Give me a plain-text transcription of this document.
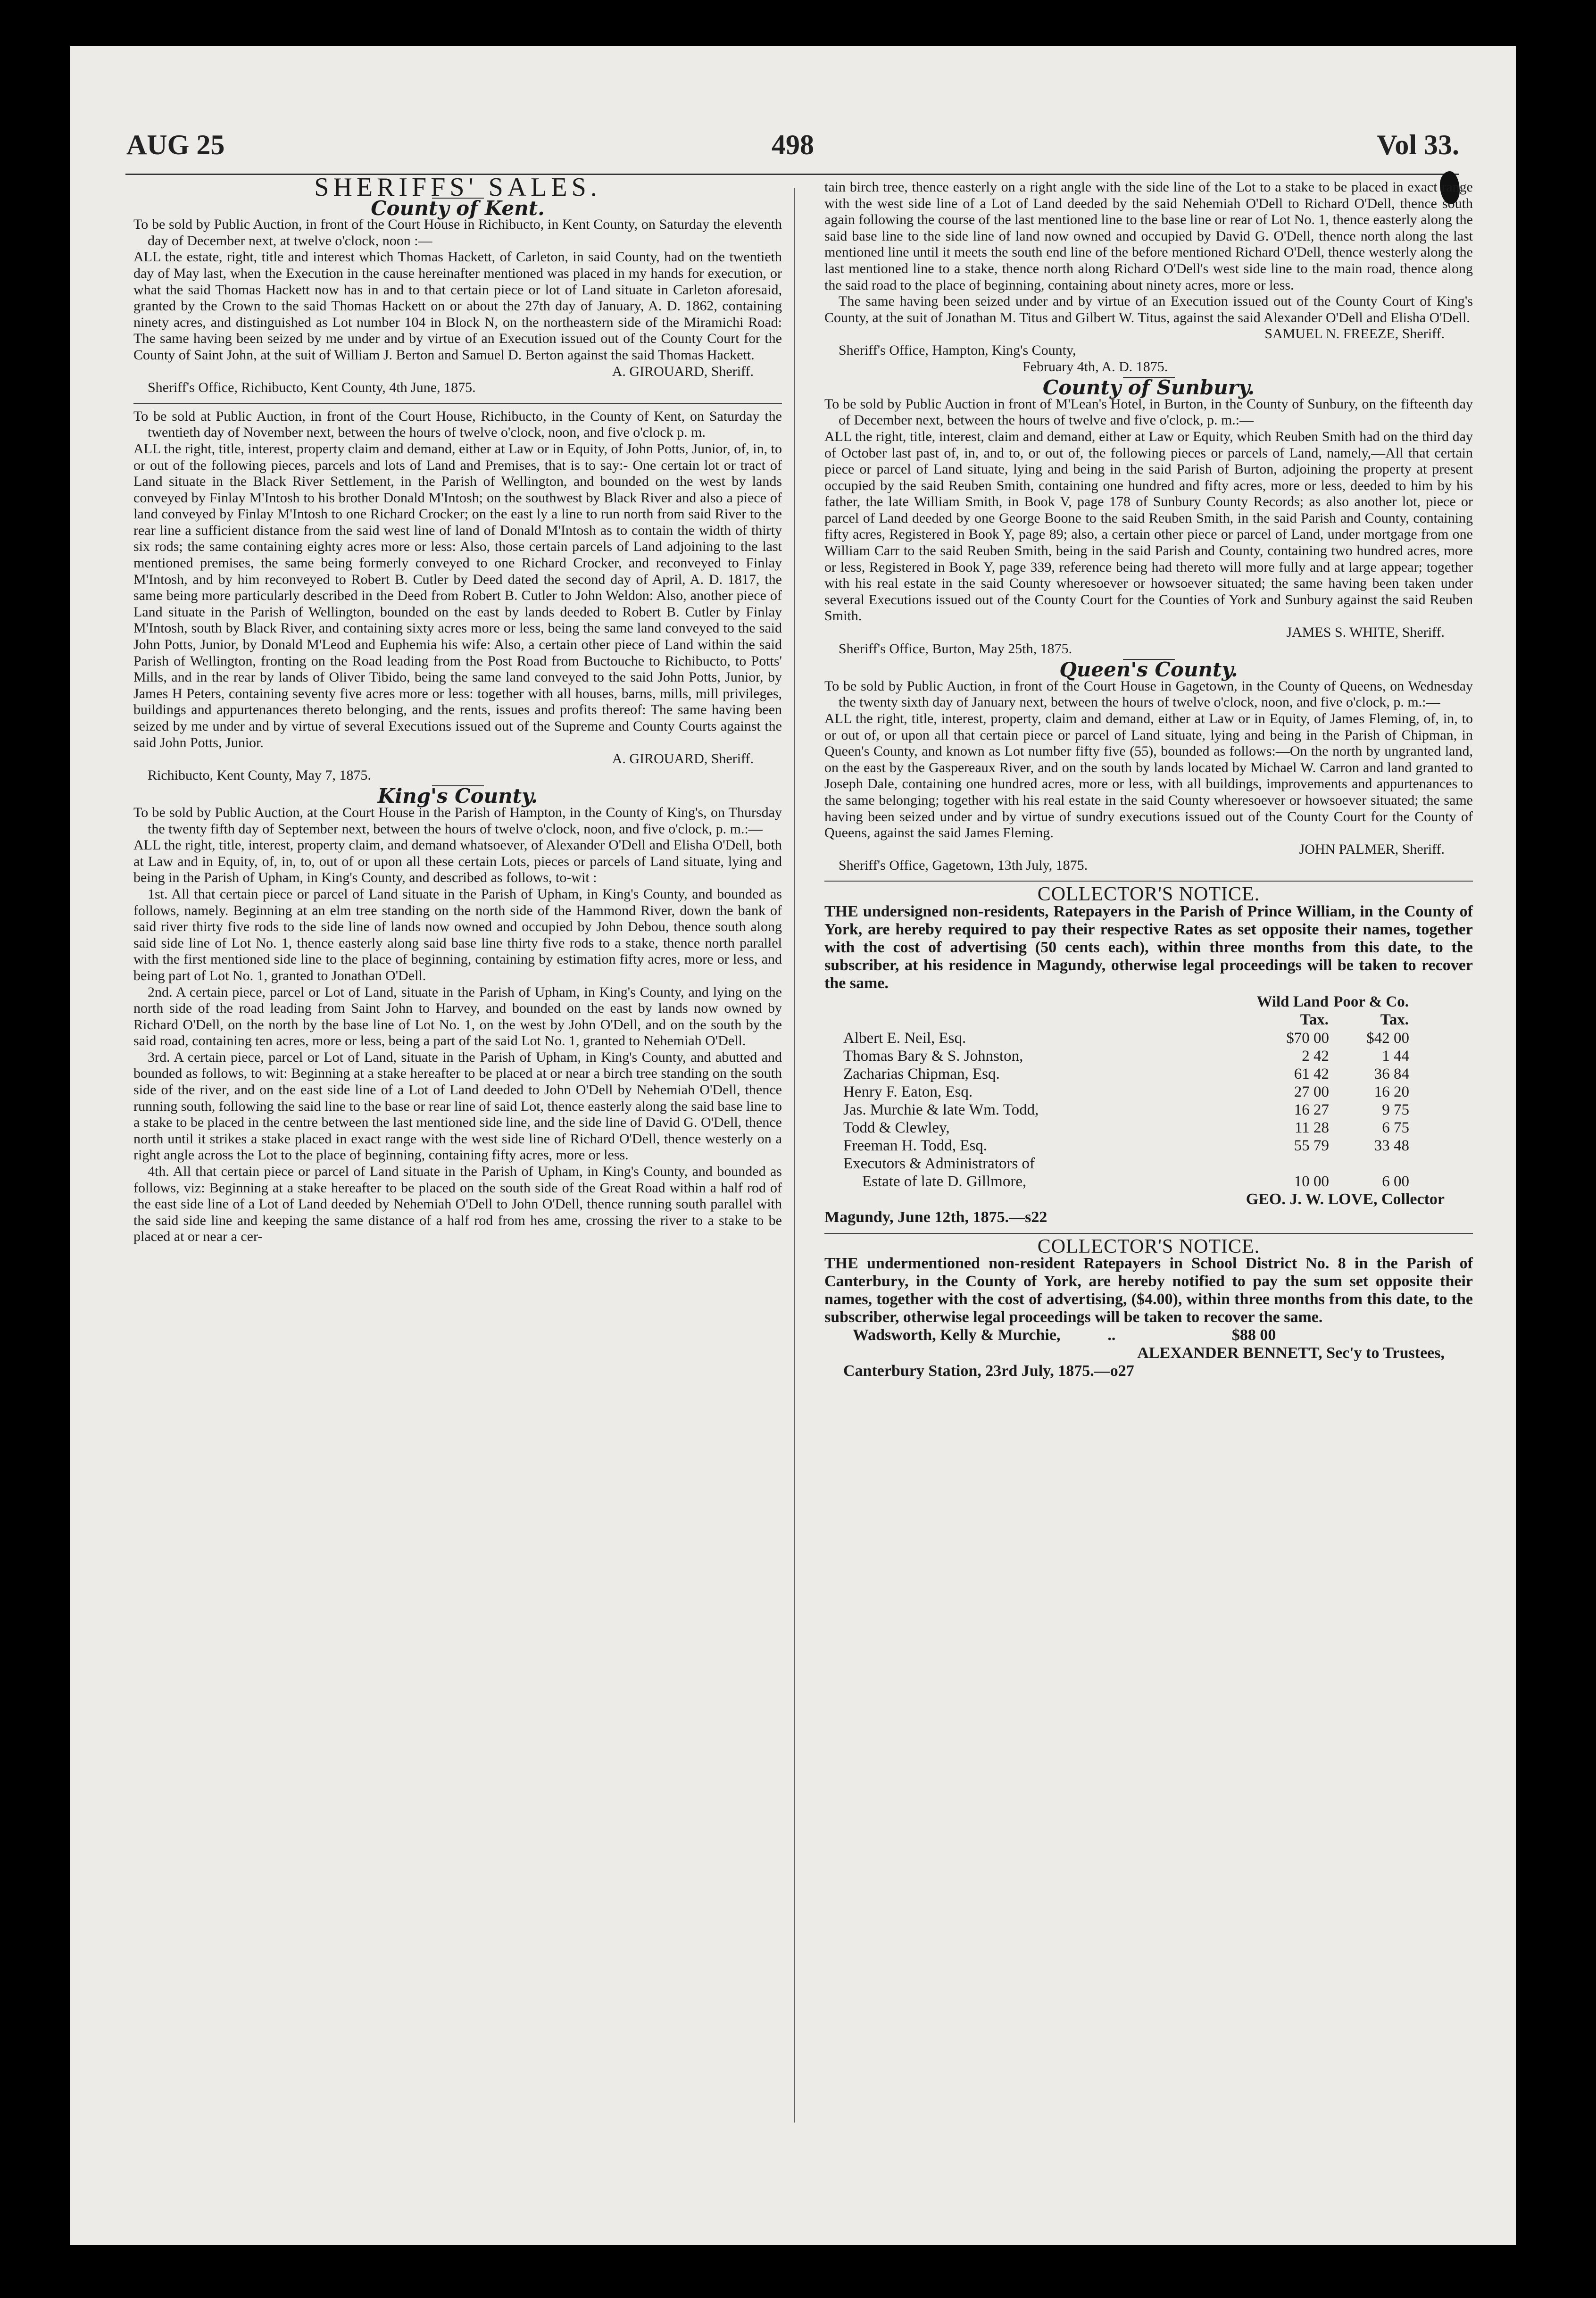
AUG 25	498	Vol 33.

SHERIFFS' SALES.

County of Kent.

To be sold by Public Auction, in front of the Court House in Richibucto, in Kent County, on Saturday the eleventh day of December next, at twelve o'clock, noon :—

ALL the estate, right, title and interest which Thomas Hackett, of Carleton, in said County, had on the twentieth day of May last, when the Execution in the cause hereinafter mentioned was placed in my hands for execution, or what the said Thomas Hackett now has in and to that certain piece or lot of Land situate in Carleton aforesaid, granted by the Crown to the said Thomas Hackett on or about the 27th day of January, A. D. 1862, containing ninety acres, and distinguished as Lot number 104 in Block N, on the northeastern side of the Miramichi Road: The same having been seized by me under and by virtue of an Execution issued out of the County Court for the County of Saint John, at the suit of William J. Berton and Samuel D. Berton against the said Thomas Hackett.

A. GIROUARD, Sheriff.

Sheriff's Office, Richibucto, Kent County, 4th June, 1875.

To be sold at Public Auction, in front of the Court House, Richibucto, in the County of Kent, on Saturday the twentieth day of November next, between the hours of twelve o'clock, noon, and five o'clock p. m.

ALL the right, title, interest, property claim and demand, either at Law or in Equity, of John Potts, Junior, of, in, to or out of the following pieces, parcels and lots of Land and Premises, that is to say:- One certain lot or tract of Land situate in the Black River Settlement, in the Parish of Wellington, and bounded on the west by lands conveyed by Finlay M'Intosh to his brother Donald M'Intosh; on the southwest by Black River and also a piece of land conveyed by Finlay M'Intosh to one Richard Crocker; on the east ly a line to run north from said River to the rear line a sufficient distance from the said west line of land of Donald M'Intosh as to contain the width of thirty six rods; the same containing eighty acres more or less: Also, those certain parcels of Land adjoining to the last mentioned premises, the same being formerly conveyed to one Richard Crocker, and reconveyed to Finlay M'Intosh, and by him reconveyed to Robert B. Cutler by Deed dated the second day of April, A. D. 1817, the same being more particularly described in the Deed from Robert B. Cutler to John Weldon: Also, another piece of Land situate in the Parish of Wellington, bounded on the east by lands deeded to Robert B. Cutler by Finlay M'Intosh, south by Black River, and containing sixty acres more or less, being the same land conveyed to the said John Potts, Junior, by Donald M'Leod and Euphemia his wife: Also, a certain other piece of Land within the said Parish of Wellington, fronting on the Road leading from the Post Road from Buctouche to Richibucto, to Potts' Mills, and in the rear by lands of Oliver Tibido, being the same land conveyed to the said John Potts, Junior, by James H Peters, containing seventy five acres more or less: together with all houses, barns, mills, mill privileges, buildings and appurtenances thereto belonging, and the rents, issues and profits thereof: The same having been seized by me under and by virtue of several Executions issued out of the Supreme and County Courts against the said John Potts, Junior.

A. GIROUARD, Sheriff.

Richibucto, Kent County, May 7, 1875.

King's County.

To be sold by Public Auction, at the Court House in the Parish of Hampton, in the County of King's, on Thursday the twenty fifth day of September next, between the hours of twelve o'clock, noon, and five o'clock, p. m.:—

ALL the right, title, interest, property claim, and demand whatsoever, of Alexander O'Dell and Elisha O'Dell, both at Law and in Equity, of, in, to, out of or upon all these certain Lots, pieces or parcels of Land situate, lying and being in the Parish of Upham, in King's County, and described as follows, to-wit :

1st. All that certain piece or parcel of Land situate in the Parish of Upham, in King's County, and bounded as follows, namely. Beginning at an elm tree standing on the north side of the Hammond River, down the bank of said river thirty five rods to the side line of lands now owned and occupied by John Debou, thence south along said side line of Lot No. 1, thence easterly along said base line thirty five rods to a stake, thence north parallel with the first mentioned side line to the place of beginning, containing by estimation fifty acres, more or less, and being part of Lot No. 1, granted to Jonathan O'Dell.

2nd. A certain piece, parcel or Lot of Land, situate in the Parish of Upham, in King's County, and lying on the north side of the road leading from Saint John to Harvey, and bounded on the east by lands now owned by Richard O'Dell, on the north by the base line of Lot No. 1, on the west by John O'Dell, and on the south by the said road, containing ten acres, more or less, being a part of the said Lot No. 1, granted to Nehemiah O'Dell.

3rd. A certain piece, parcel or Lot of Land, situate in the Parish of Upham, in King's County, and abutted and bounded as follows, to wit: Beginning at a stake hereafter to be placed at or near a birch tree standing on the south side of the river, and on the east side line of a Lot of Land deeded to John O'Dell by Nehemiah O'Dell, thence running south, following the said line to the base or rear line of said Lot, thence easterly along the said base line to a stake to be placed in the centre between the last mentioned side line, and the side line of David G. O'Dell, thence north until it strikes a stake placed in exact range with the west side line of Richard O'Dell, thence westerly on a right angle across the Lot to the place of beginning, containing fifty acres, more or less.

4th. All that certain piece or parcel of Land situate in the Parish of Upham, in King's County, and bounded as follows, viz: Beginning at a stake hereafter to be placed on the south side of the Great Road within a half rod of the east side line of a Lot of Land deeded by Nehemiah O'Dell to John O'Dell, thence running south parallel with the said side line and keeping the same distance of a half rod from hes ame, crossing the river to a stake to be placed at or near a cer-

tain birch tree, thence easterly on a right angle with the side line of the Lot to a stake to be placed in exact range with the west side line of a Lot of Land deeded by the said Nehemiah O'Dell to Richard O'Dell, thence south again following the course of the last mentioned line to the base line or rear of Lot No. 1, thence easterly along the said base line to the side line of land now owned and occupied by David G. O'Dell, thence north along the last mentioned line until it meets the south end line of the before mentioned Richard O'Dell, thence westerly along the last mentioned line to a stake, thence north along Richard O'Dell's west side line to the main road, thence along the said road to the place of beginning, containing about ninety acres, more or less.

The same having been seized under and by virtue of an Execution issued out of the County Court of King's County, at the suit of Jonathan M. Titus and Gilbert W. Titus, against the said Alexander O'Dell and Elisha O'Dell.

SAMUEL N. FREEZE, Sheriff.

Sheriff's Office, Hampton, King's County,

February 4th, A. D. 1875.

County of Sunbury.

To be sold by Public Auction in front of M'Lean's Hotel, in Burton, in the County of Sunbury, on the fifteenth day of December next, between the hours of twelve and five o'clock, p. m.:—

ALL the right, title, interest, claim and demand, either at Law or Equity, which Reuben Smith had on the third day of October last past of, in, and to, or out of, the following pieces or parcels of Land, namely,—All that certain piece or parcel of Land situate, lying and being in the said Parish of Burton, adjoining the property at present occupied by the said Reuben Smith, containing one hundred and fifty acres, more or less, deeded to him by his father, the late William Smith, in Book V, page 178 of Sunbury County Records; as also another lot, piece or parcel of Land deeded by one George Boone to the said Reuben Smith, in the said Parish and County, containing fifty acres, Registered in Book Y, page 89; also, a certain other piece or parcel of Land, under mortgage from one William Carr to the said Reuben Smith, being in the said Parish and County, containing two hundred acres, more or less, Registered in Book Y, page 339, reference being had thereto will more fully and at large appear; together with his real estate in the said County wheresoever or howsoever situated; the same having been taken under several Executions issued out of the County Court for the Counties of York and Sunbury against the said Reuben Smith.

JAMES S. WHITE, Sheriff.

Sheriff's Office, Burton, May 25th, 1875.

Queen's County.

To be sold by Public Auction, in front of the Court House in Gagetown, in the County of Queens, on Wednesday the twenty sixth day of January next, between the hours of twelve o'clock, noon, and five o'clock, p. m.:—

ALL the right, title, interest, property, claim and demand, either at Law or in Equity, of James Fleming, of, in, to or out of, or upon all that certain piece or parcel of Land situate, lying and being in the Parish of Chipman, in Queen's County, and known as Lot number fifty five (55), bounded as follows:—On the north by ungranted land, on the east by the Gaspereaux River, and on the south by lands located by Michael W. Carron and land granted to Joseph Dale, containing one hundred acres, more or less, with all buildings, improvements and appurtenances to the same belonging; together with his real estate in the said County wheresoever or howsoever situated; the same having been seized under and by virtue of sundry executions issued out of the County Court for the County of Queens, against the said James Fleming.

JOHN PALMER, Sheriff.

Sheriff's Office, Gagetown, 13th July, 1875.

COLLECTOR'S NOTICE.

THE undersigned non-residents, Ratepayers in the Parish of Prince William, in the County of York, are hereby required to pay their respective Rates as set opposite their names, together with the cost of advertising (50 cents each), within three months from this date, to the subscriber, at his residence in Magundy, otherwise legal proceedings will be taken to recover the same.

	Wild Land Tax.	Poor & Co. Tax.
Albert E. Neil, Esq.	$70 00	$42 00
Thomas Bary & S. Johnston,	2 42	1 44
Zacharias Chipman, Esq.	61 42	36 84
Henry F. Eaton, Esq.	27 00	16 20
Jas. Murchie & late Wm. Todd,	16 27	9 75
Todd & Clewley,	11 28	6 75
Freeman H. Todd, Esq.	55 79	33 48
Executors & Administrators of		
Estate of late D. Gillmore,	10 00	6 00

GEO. J. W. LOVE, Collector

Magundy, June 12th, 1875.—s22

COLLECTOR'S NOTICE.

THE undermentioned non-resident Ratepayers in School District No. 8 in the Parish of Canterbury, in the County of York, are hereby notified to pay the sum set opposite their names, together with the cost of advertising, ($4.00), within three months from this date, to the subscriber, otherwise legal proceedings will be taken to recover the same.

Wadsworth, Kelly & Murchie,	..	$88 00

ALEXANDER BENNETT, Sec'y to Trustees,

Canterbury Station, 23rd July, 1875.—o27
